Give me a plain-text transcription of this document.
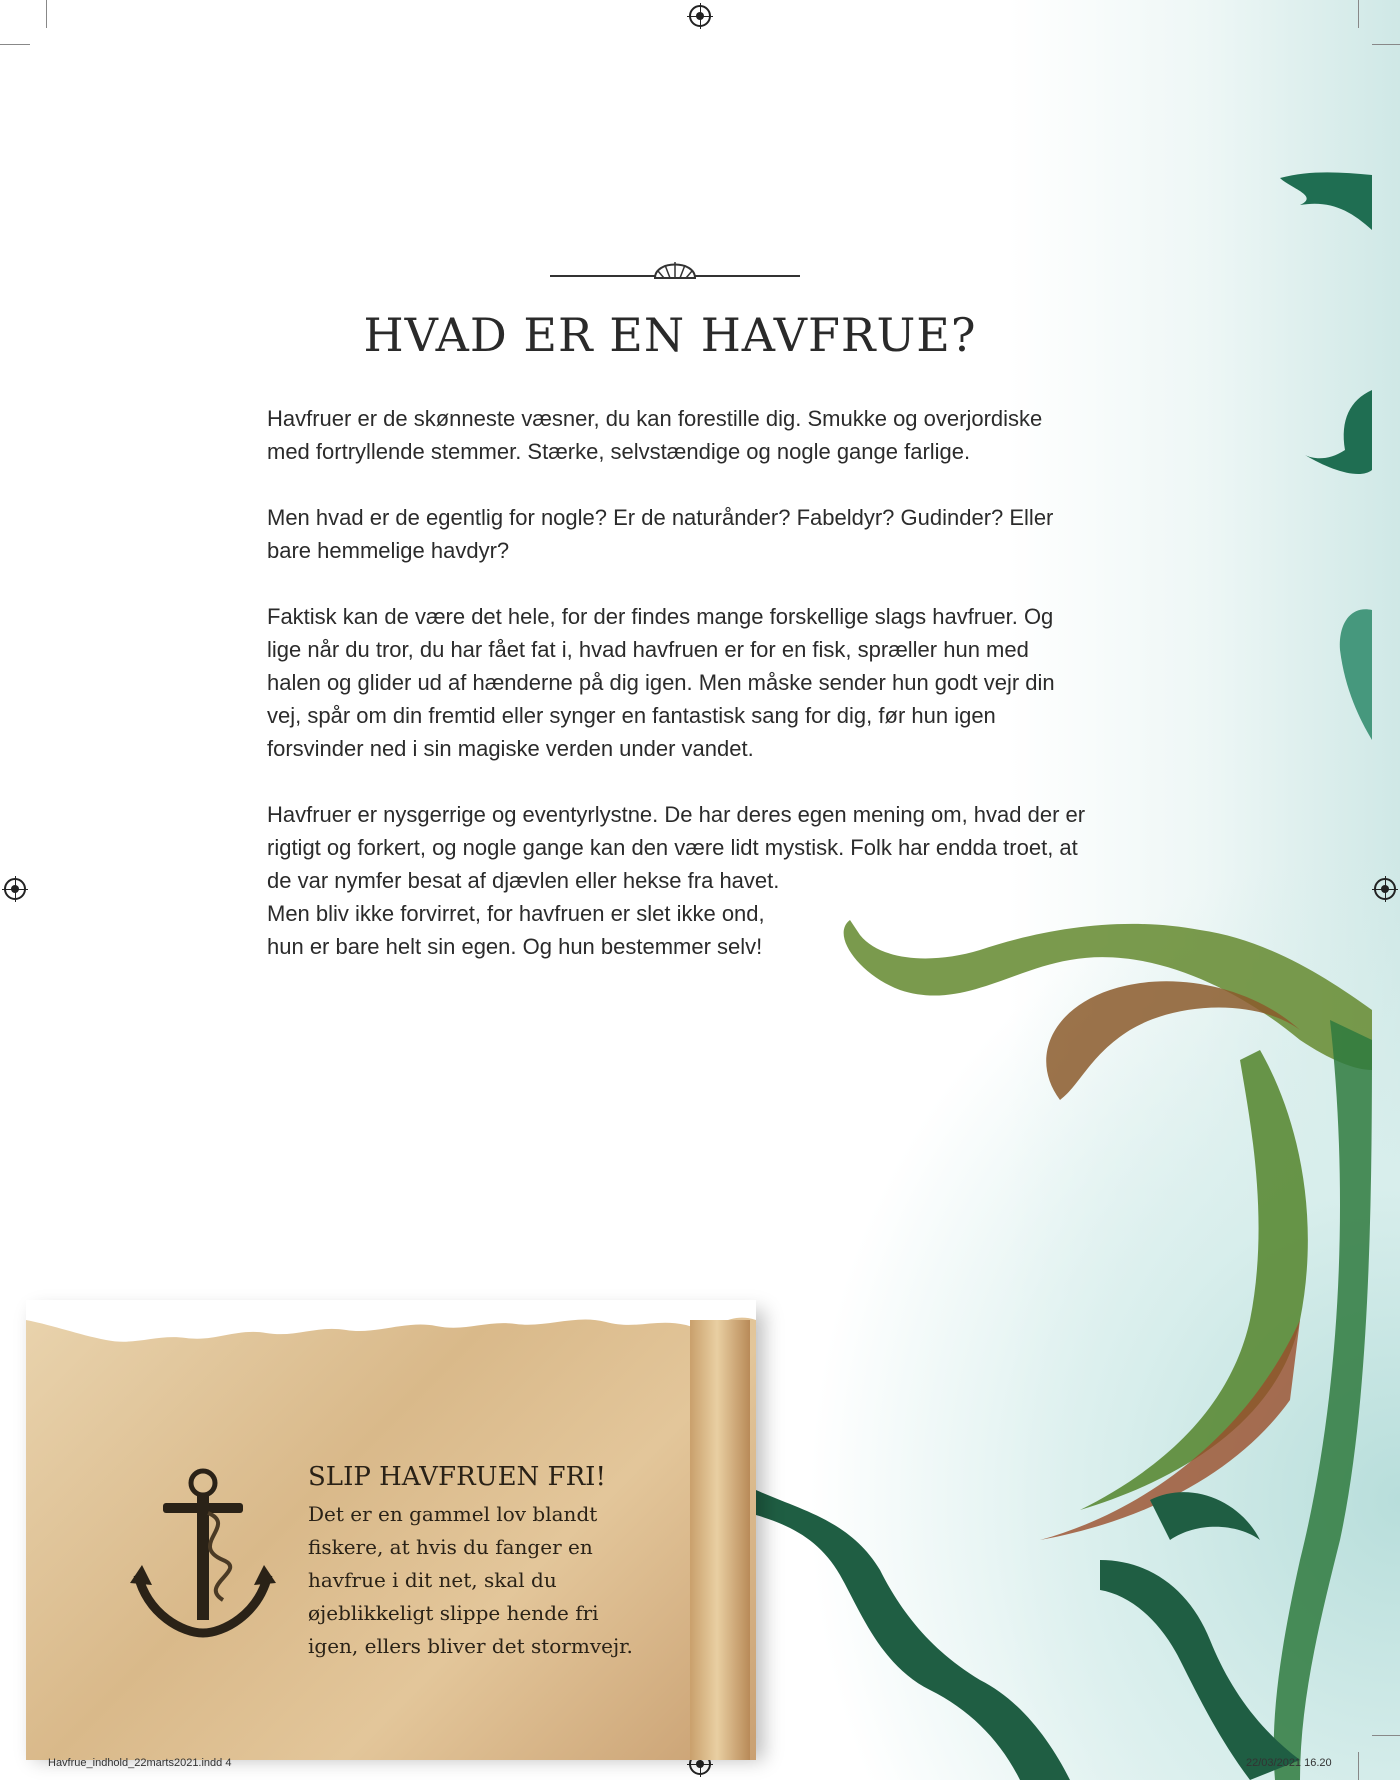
HVAD ER EN HAVFRUE?

Havfruer er de skønneste væsner, du kan forestille dig. Smukke og overjordiske med fortryllende stemmer. Stærke, selvstændige og nogle gange farlige.

Men hvad er de egentlig for nogle? Er de naturånder? Fabeldyr? Gudinder? Eller bare hemmelige havdyr?

Faktisk kan de være det hele, for der findes mange forskellige slags havfruer. Og lige når du tror, du har fået fat i, hvad havfruen er for en fisk, spræller hun med halen og glider ud af hænderne på dig igen. Men måske sender hun godt vejr din vej, spår om din fremtid eller synger en fantastisk sang for dig, før hun igen forsvinder ned i sin magiske verden under vandet.

Havfruer er nysgerrige og eventyrlystne. De har deres egen mening om, hvad der er rigtigt og forkert, og nogle gange kan den være lidt mystisk. Folk har endda troet, at de var nymfer besat af djævlen eller hekse fra havet.

Men bliv ikke forvirret, for havfruen er slet ikke ond,

hun er bare helt sin egen. Og hun bestemmer selv!

SLIP HAVFRUEN FRI!
Det er en gammel lov blandt
fiskere, at hvis du fanger en
havfrue i dit net, skal du
øjeblikkeligt slippe hende fri
igen, ellers bliver det stormvejr.
Havfrue_indhold_22marts2021.indd 4	22/03/2021 16.20
